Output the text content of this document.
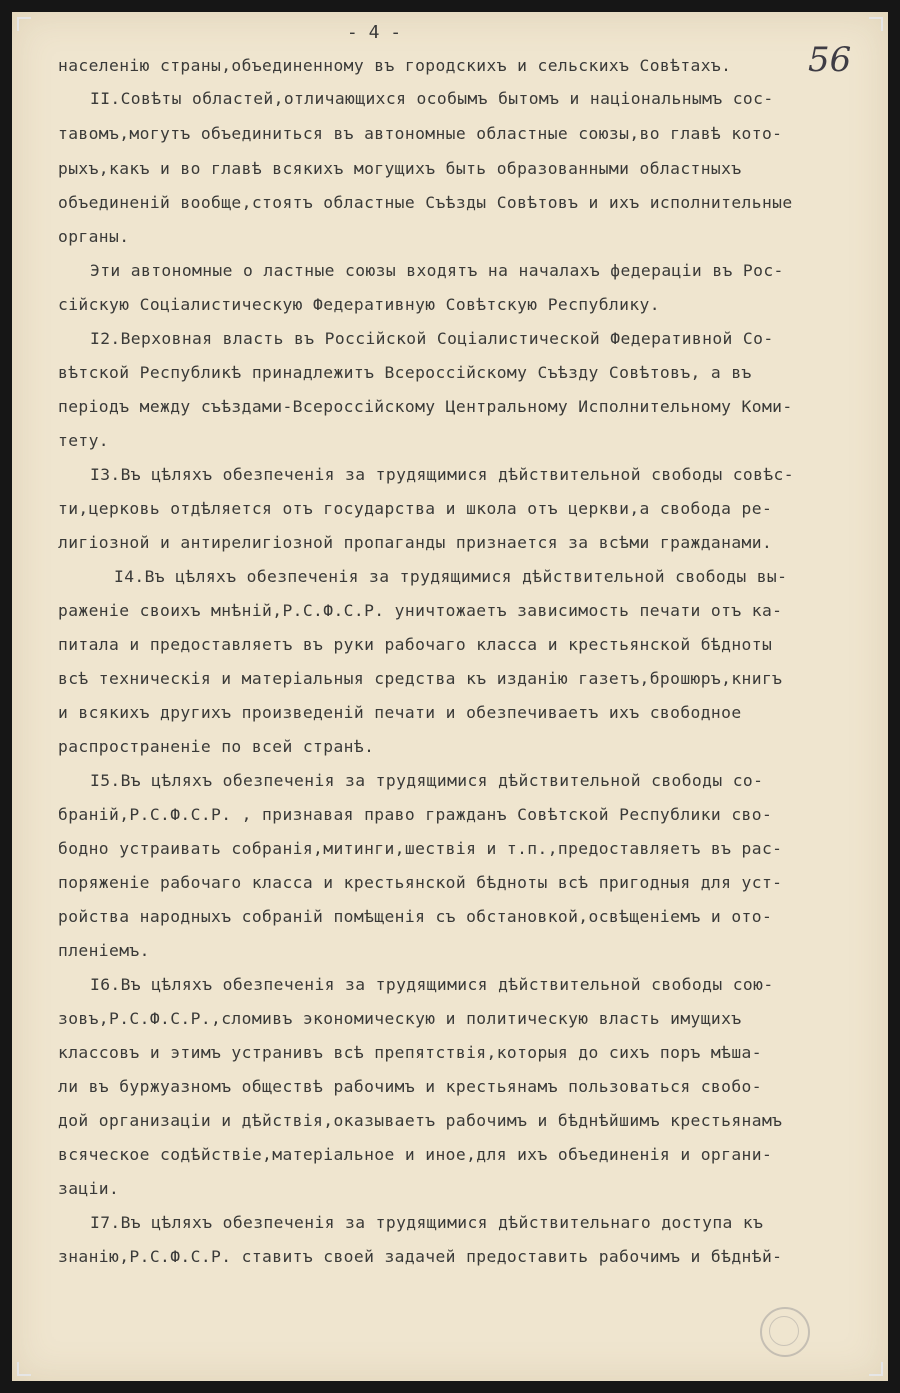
- 4 -
56
населенію страны,объединенному въ городскихъ и сельскихъ Совѣтахъ.
II.Совѣты областей,отличающихся особымъ бытомъ и національнымъ сос-
тавомъ,могутъ объединиться въ автономные областные союзы,во главѣ кото-
рыхъ,какъ и во главѣ всякихъ могущихъ быть образованными областныхъ
объединеній вообще,стоятъ областные Съѣзды Совѣтовъ и ихъ исполнительные
органы.
Эти автономные о ластные союзы входятъ на началахъ федераціи въ Рос-
сійскую Соціалистическую Федеративную Совѣтскую Республику.
I2.Верховная власть въ Россійской Соціалистической Федеративной Со-
вѣтской Республикѣ принадлежитъ Всероссійскому Съѣзду Совѣтовъ, а въ
періодъ между съѣздами-Всероссійскому Центральному Исполнительному Коми-
тету.
I3.Въ цѣляхъ обезпеченія за трудящимися дѣйствительной свободы совѣс-
ти,церковь отдѣляется отъ государства и школа отъ церкви,а свобода ре-
лигіозной и антирелигіозной пропаганды признается за всѣми гражданами.
I4.Въ цѣляхъ обезпеченія за трудящимися дѣйствительной свободы вы-
раженіе своихъ мнѣній,Р.С.Ф.С.Р. уничтожаетъ зависимость печати отъ ка-
питала и предоставляетъ въ руки рабочаго класса и крестьянской бѣдноты
всѣ техническія и матеріальныя средства къ изданію газетъ,брошюръ,книгъ
и всякихъ другихъ произведеній печати и обезпечиваетъ ихъ свободное
распространеніе по всей странѣ.
I5.Въ цѣляхъ обезпеченія за трудящимися дѣйствительной свободы со-
браній,Р.С.Ф.С.Р. , признавая право гражданъ Совѣтской Республики сво-
бодно устраивать собранія,митинги,шествія и т.п.,предоставляетъ въ рас-
поряженіе рабочаго класса и крестьянской бѣдноты всѣ пригодныя для уст-
ройства народныхъ собраній помѣщенія съ обстановкой,освѣщеніемъ и ото-
пленіемъ.
I6.Въ цѣляхъ обезпеченія за трудящимися дѣйствительной свободы сою-
зовъ,Р.С.Ф.С.Р.,сломивъ экономическую и политическую власть имущихъ
классовъ и этимъ устранивъ всѣ препятствія,которыя до сихъ поръ мѣша-
ли въ буржуазномъ обществѣ рабочимъ и крестьянамъ пользоваться свобо-
дой организаціи и дѣйствія,оказываетъ рабочимъ и бѣднѣйшимъ крестьянамъ
всяческое содѣйствіе,матеріальное и иное,для ихъ объединенія и органи-
заціи.
I7.Въ цѣляхъ обезпеченія за трудящимися дѣйствительнаго доступа къ
знанію,Р.С.Ф.С.Р. ставитъ своей задачей предоставить рабочимъ и бѣднѣй-
